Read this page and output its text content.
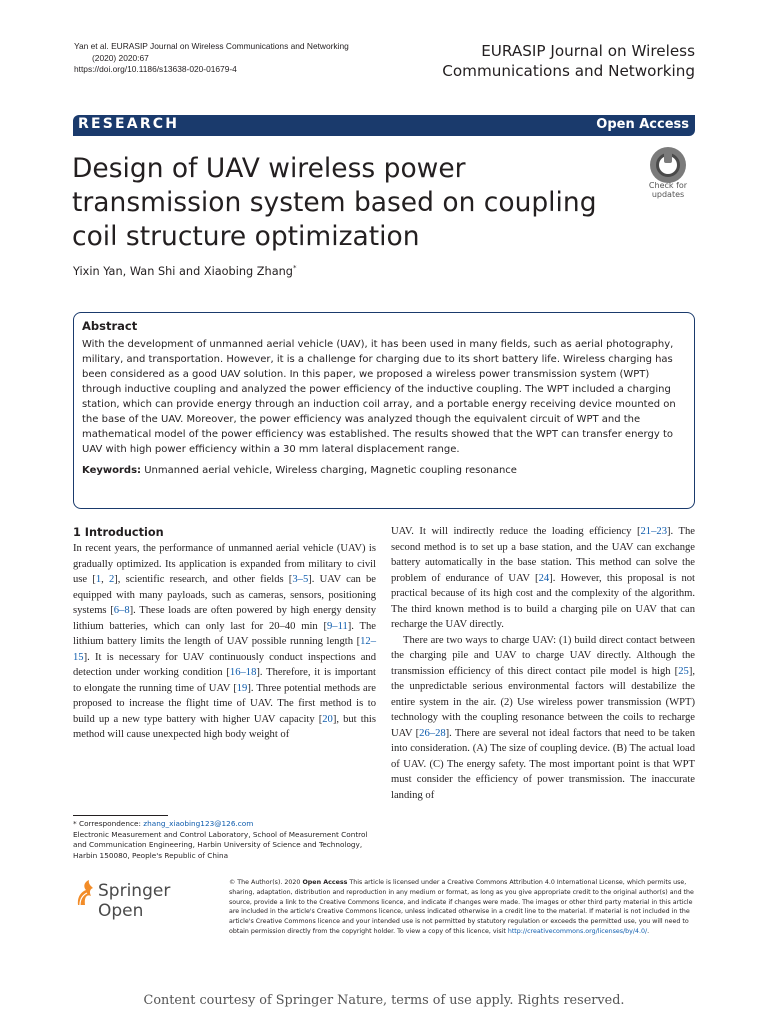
Yan et al. EURASIP Journal on Wireless Communications and Networking
(2020) 2020:67
https://doi.org/10.1186/s13638-020-01679-4
EURASIP Journal on Wireless
Communications and Networking
RESEARCH	Open Access
Design of UAV wireless power transmission system based on coupling coil structure optimization
Check for
updates
Yixin Yan, Wan Shi and Xiaobing Zhang*
Abstract
With the development of unmanned aerial vehicle (UAV), it has been used in many fields, such as aerial photography, military, and transportation. However, it is a challenge for charging due to its short battery life. Wireless charging has been considered as a good UAV solution. In this paper, we proposed a wireless power transmission system (WPT) through inductive coupling and analyzed the power efficiency of the inductive coupling. The WPT included a charging station, which can provide energy through an induction coil array, and a portable energy receiving device mounted on the base of the UAV. Moreover, the power efficiency was analyzed though the equivalent circuit of WPT and the mathematical model of the power efficiency was established. The results showed that the WPT can transfer energy to UAV with high power efficiency within a 30 mm lateral displacement range.
Keywords: Unmanned aerial vehicle, Wireless charging, Magnetic coupling resonance
1 Introduction

In recent years, the performance of unmanned aerial vehicle (UAV) is gradually optimized. Its application is expanded from military to civil use [1, 2], scientific research, and other fields [3–5]. UAV can be equipped with many payloads, such as cameras, sensors, positioning systems [6–8]. These loads are often powered by high energy density lithium batteries, which can only last for 20–40 min [9–11]. The lithium battery limits the length of UAV possible running length [12–15]. It is necessary for UAV continuously conduct inspections and detection under working condition [16–18]. Therefore, it is important to elongate the running time of UAV [19]. Three potential methods are proposed to increase the flight time of UAV. The first method is to build up a new type battery with higher UAV capacity [20], but this method will cause unexpected high body weight of

UAV. It will indirectly reduce the loading efficiency [21–23]. The second method is to set up a base station, and the UAV can exchange battery automatically in the base station. This method can solve the problem of endurance of UAV [24]. However, this proposal is not practical because of its high cost and the complexity of the algorithm. The third known method is to build a charging pile on UAV that can recharge the UAV directly.

There are two ways to charge UAV: (1) build direct contact between the charging pile and UAV to charge UAV directly. Although the transmission efficiency of this direct contact pile model is high [25], the unpredictable serious environmental factors will destabilize the entire system in the air. (2) Use wireless power transmission (WPT) technology with the coupling resonance between the coils to recharge UAV [26–28]. There are several not ideal factors that need to be taken into consideration. (A) The size of coupling device. (B) The actual load of UAV. (C) The energy safety. The most important point is that WPT must consider the efficiency of power transmission. The inaccurate landing of

* Correspondence: zhang_xiaobing123@126.com
Electronic Measurement and Control Laboratory, School of Measurement Control and Communication Engineering, Harbin University of Science and Technology, Harbin 150080, People's Republic of China
Springer Open
© The Author(s). 2020 Open Access This article is licensed under a Creative Commons Attribution 4.0 International License, which permits use, sharing, adaptation, distribution and reproduction in any medium or format, as long as you give appropriate credit to the original author(s) and the source, provide a link to the Creative Commons licence, and indicate if changes were made. The images or other third party material in this article are included in the article's Creative Commons licence, unless indicated otherwise in a credit line to the material. If material is not included in the article's Creative Commons licence and your intended use is not permitted by statutory regulation or exceeds the permitted use, you will need to obtain permission directly from the copyright holder. To view a copy of this licence, visit http://creativecommons.org/licenses/by/4.0/.
Content courtesy of Springer Nature, terms of use apply. Rights reserved.
